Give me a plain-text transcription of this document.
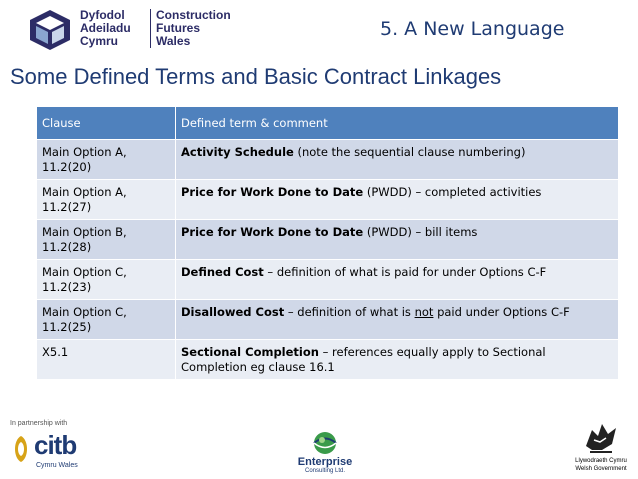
Dyfodol
Adeiladu
Cymru
Construction
Futures
Wales
5. A New Language
Some Defined Terms and Basic Contract Linkages
Clause	Defined term & comment
Main Option A,
11.2(20)	Activity Schedule (note the sequential clause numbering)
Main Option A,
11.2(27)	Price for Work Done to Date (PWDD) – completed activities
Main Option B,
11.2(28)	Price for Work Done to Date (PWDD) – bill items
Main Option C,
11.2(23)	Defined Cost – definition of what is paid for under Options C-F
Main Option C,
11.2(25)	Disallowed Cost – definition of what is not paid under Options C-F
X5.1	Sectional Completion – references equally apply to Sectional Completion eg clause 16.1
In partnership with
citb
Cymru Wales	Enterprise
Consulting Ltd.
Llywodraeth Cymru
Welsh Government
